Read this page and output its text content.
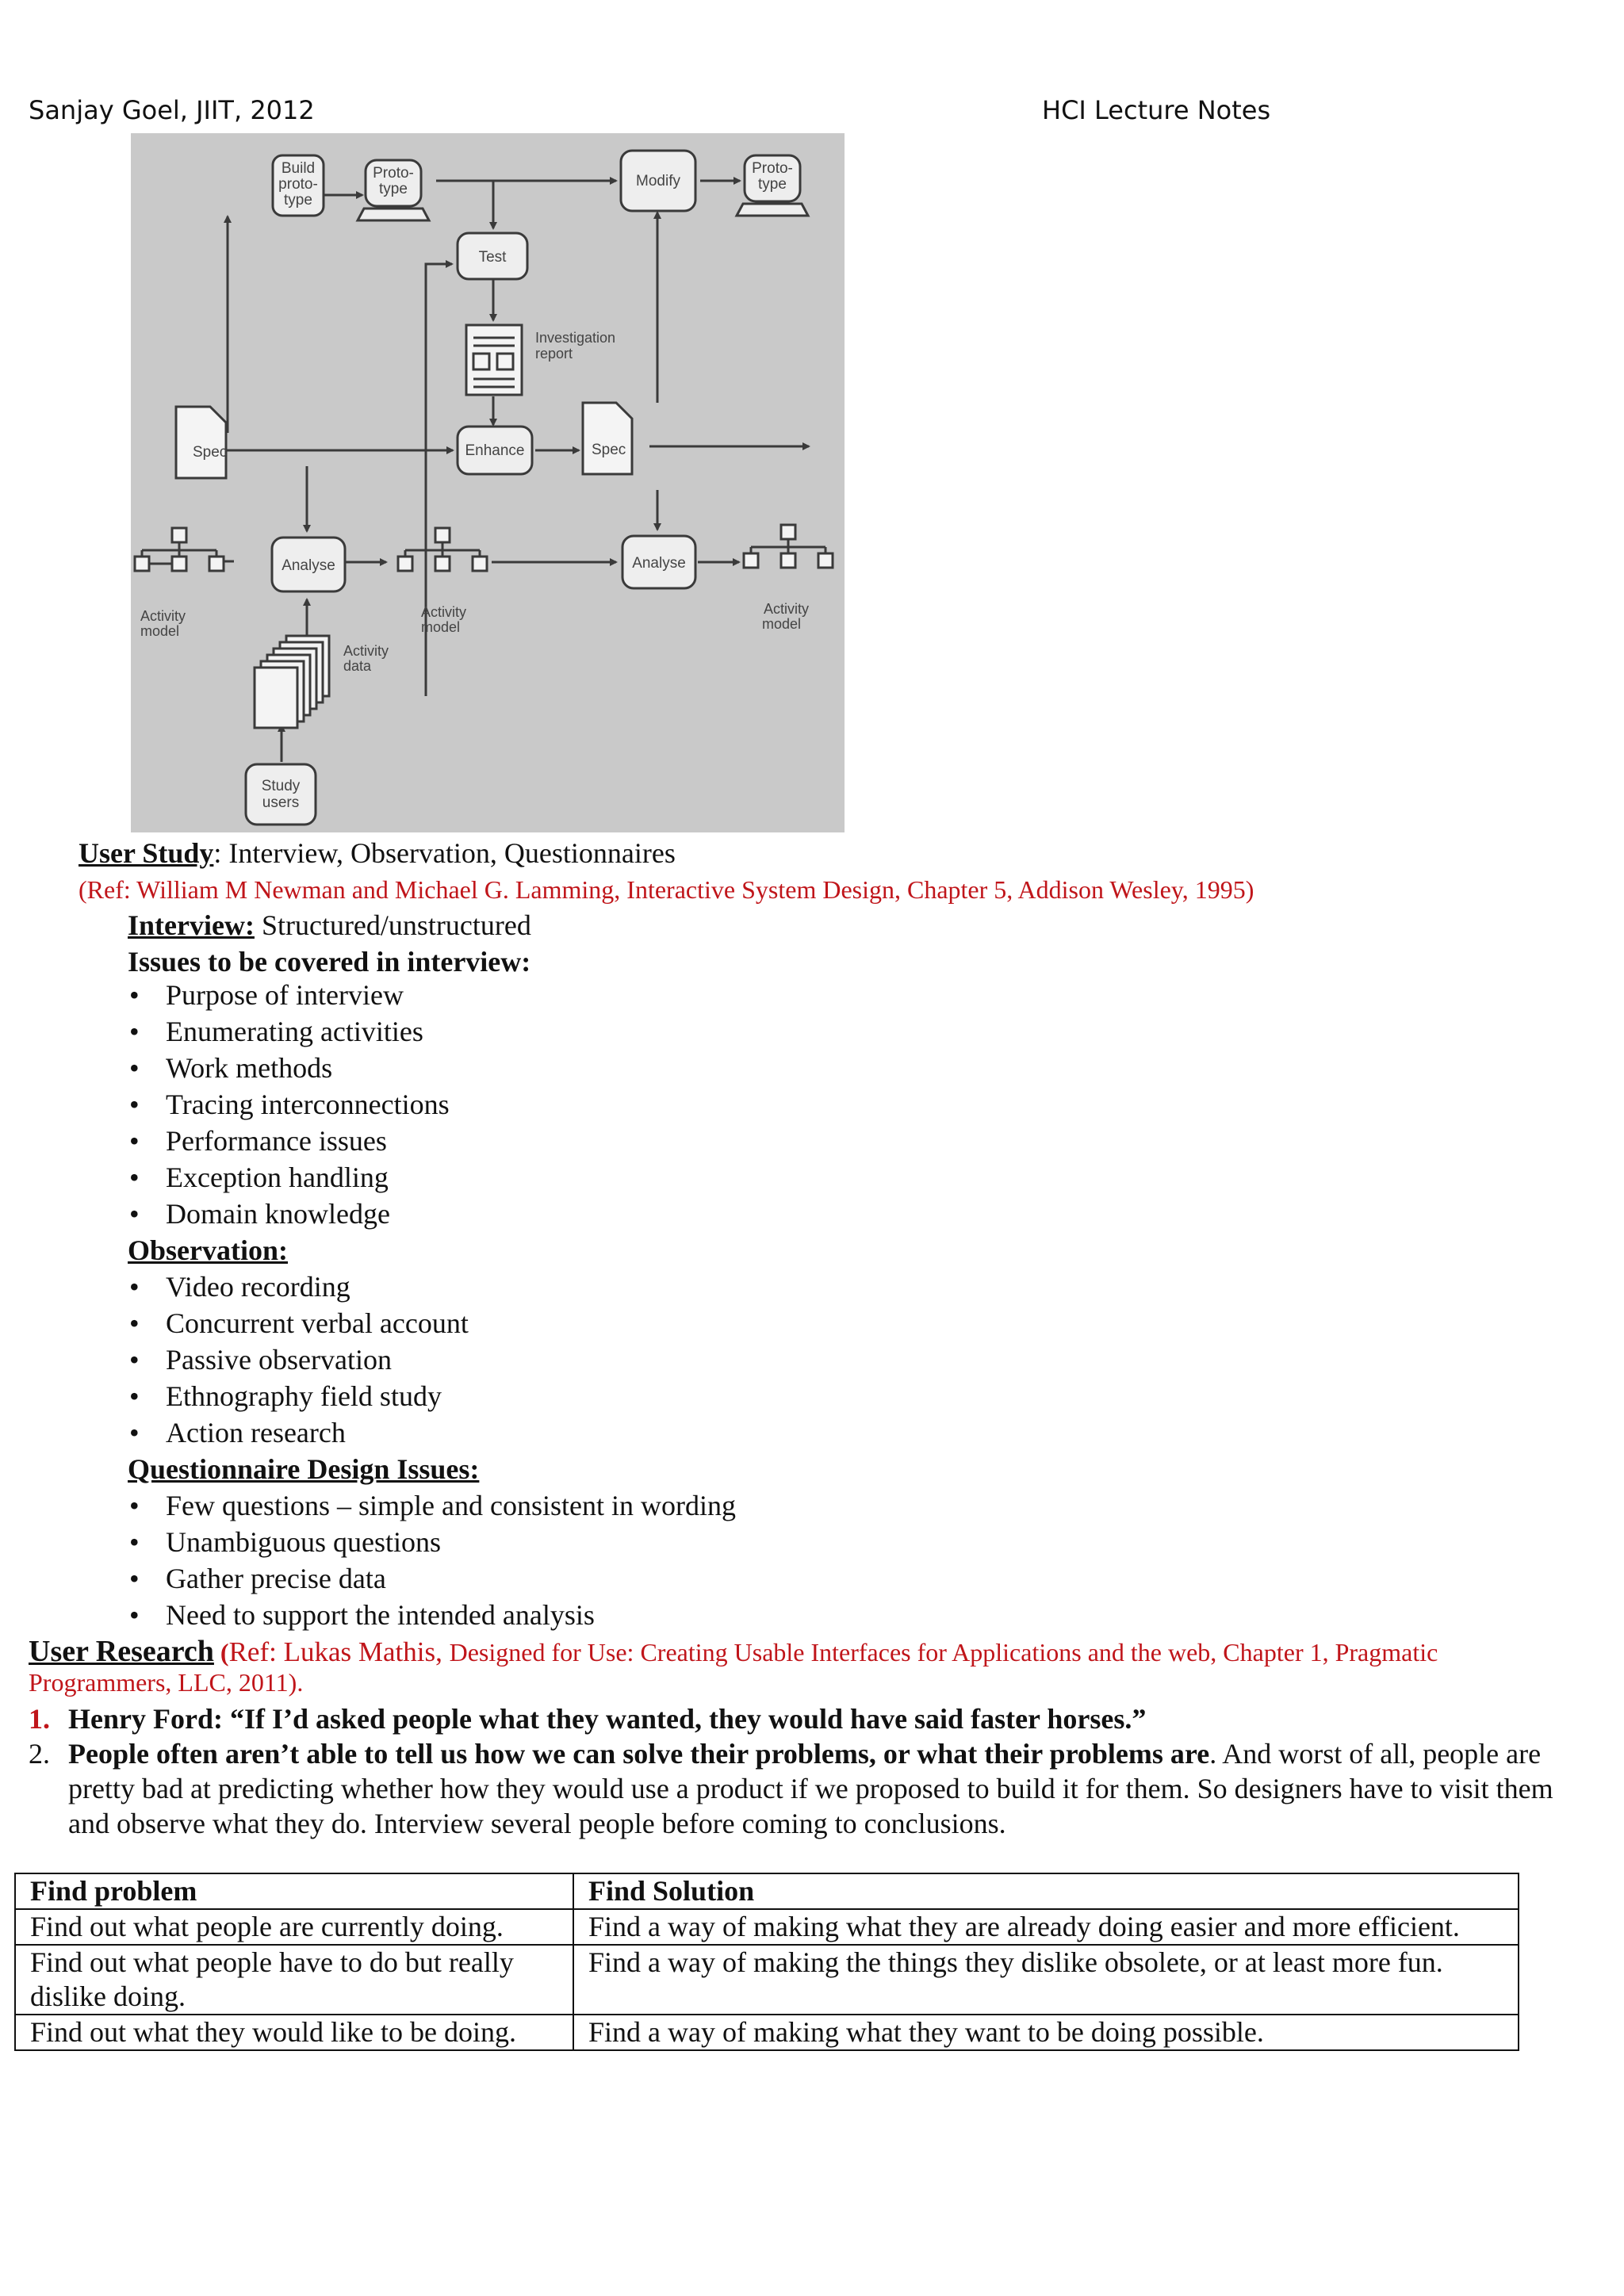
Sanjay Goel, JIIT, 2012	HCI Lecture Notes
Build
proto-
type
Proto-
type	Modify
Proto-
type
Test
Investigation
report
Spec	Enhance	Spec
Activity
model
Analyse
Activity
model
Analyse
Activity
model
Activity
data
Study
users
User Study: Interview, Observation, Questionnaires
(Ref: William M Newman and Michael G. Lamming, Interactive System Design, Chapter 5, Addison Wesley, 1995)
Interview: Structured/unstructured
Issues to be covered in interview:
• Purpose of interview
• Enumerating activities
• Work methods
• Tracing interconnections
• Performance issues
• Exception handling
• Domain knowledge
Observation:
• Video recording
• Concurrent verbal account
• Passive observation
• Ethnography field study
• Action research
Questionnaire Design Issues:
• Few questions – simple and consistent in wording
• Unambiguous questions
• Gather precise data
• Need to support the intended analysis
User Research (Ref: Lukas Mathis, Designed for Use: Creating Usable Interfaces for Applications and the web, Chapter 1, Pragmatic
Programmers, LLC, 2011).
1. Henry Ford: “If I’d asked people what they wanted, they would have said faster horses.”
2. People often aren’t able to tell us how we can solve their problems, or what their problems are. And worst of all, people are pretty bad at predicting whether how they would use a product if we proposed to build it for them. So designers have to visit them and observe what they do. Interview several people before coming to conclusions.
Find problem	Find Solution
Find out what people are currently doing.	Find a way of making what they are already doing easier and more efficient.
Find out what people have to do but really dislike doing.	Find a way of making the things they dislike obsolete, or at least more fun.
Find out what they would like to be doing.	Find a way of making what they want to be doing possible.
